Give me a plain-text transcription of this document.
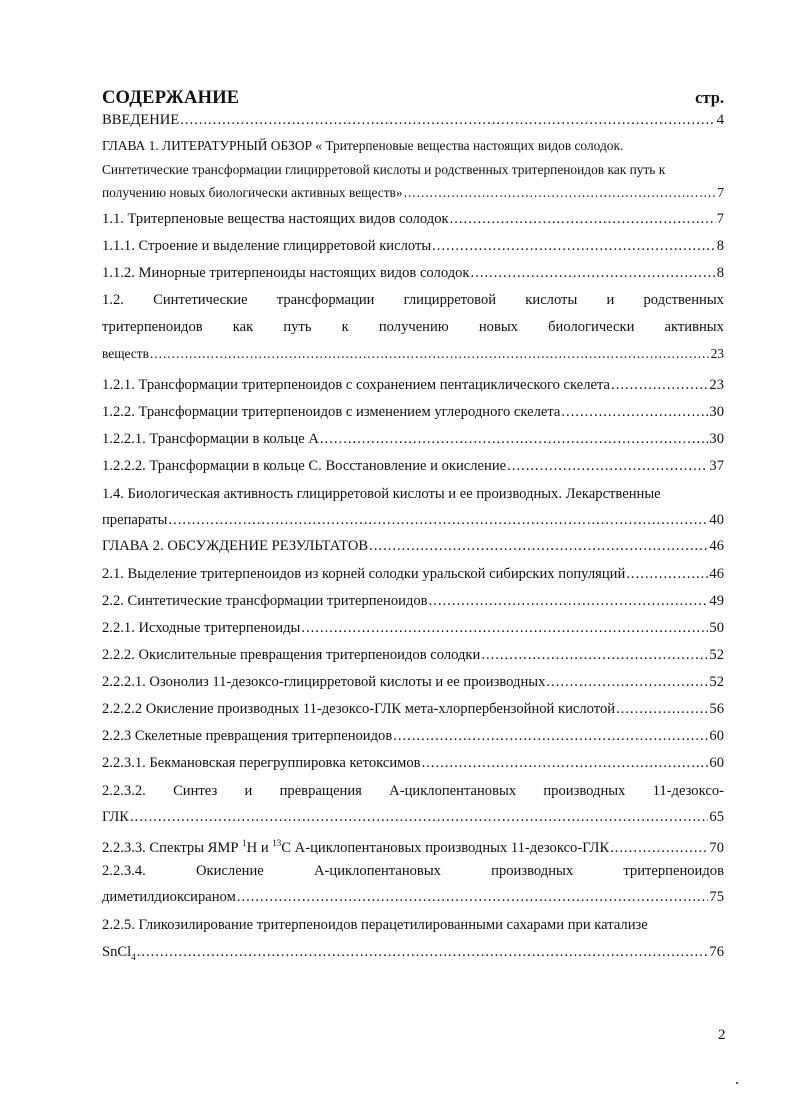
СОДЕРЖАНИЕ	стр.
ВВЕДЕНИЕ .....	4
ГЛАВА 1. ЛИТЕРАТУРНЫЙ ОБЗОР « Тритерпеновые вещества настоящих видов солодок.
Синтетические трансформации глицирретовой кислоты и родственных тритерпеноидов как путь к
получению новых биологически активных веществ» .....	7
1.1. Тритерпеновые вещества настоящих видов солодок .....	7
1.1.1. Строение и выделение глицирретовой кислоты .....	8
1.1.2. Минорные тритерпеноиды настоящих видов солодок .....	8
1.2. Синтетические трансформации глицирретовой кислоты и родственных
тритерпеноидов как путь к получению новых биологически активных
веществ .....	23
1.2.1. Трансформации тритерпеноидов с сохранением пентациклического скелета .....	23
1.2.2. Трансформации тритерпеноидов с изменением углеродного скелета .....	30
1.2.2.1. Трансформации в кольце А .....	30
1.2.2.2. Трансформации в кольце С. Восстановление и окисление .....	37
1.4. Биологическая активность глицирретовой кислоты и ее производных. Лекарственные
препараты .....	40
ГЛАВА 2. ОБСУЖДЕНИЕ РЕЗУЛЬТАТОВ .....	46
2.1. Выделение тритерпеноидов из корней солодки уральской сибирских популяций .....	46
2.2. Синтетические трансформации тритерпеноидов .....	49
2.2.1. Исходные тритерпеноиды .....	50
2.2.2. Окислительные превращения тритерпеноидов солодки .....	52
2.2.2.1. Озонолиз 11-дезоксо-глицирретовой кислоты и ее производных .....	52
2.2.2.2 Окисление производных 11-дезоксо-ГЛК мета-хлорпербензойной кислотой .....	56
2.2.3 Скелетные превращения тритерпеноидов .....	60
2.2.3.1. Бекмановская перегруппировка кетоксимов .....	60
2.2.3.2. Синтез и превращения А-циклопентановых производных 11-дезоксо-
ГЛК .....	65
2.2.3.3. Спектры ЯМР $^1$H и $^{13}$C А-циклопентановых производных 11-дезоксо-ГЛК .....	70
2.2.3.4.	Окисление	А-циклопентановых	производных	тритерпеноидов
диметилдиоксираном .....	75
2.2.5. Гликозилирование тритерпеноидов перацетилированными сахарами при катализе
SnCl$_4$ .....	76
2
